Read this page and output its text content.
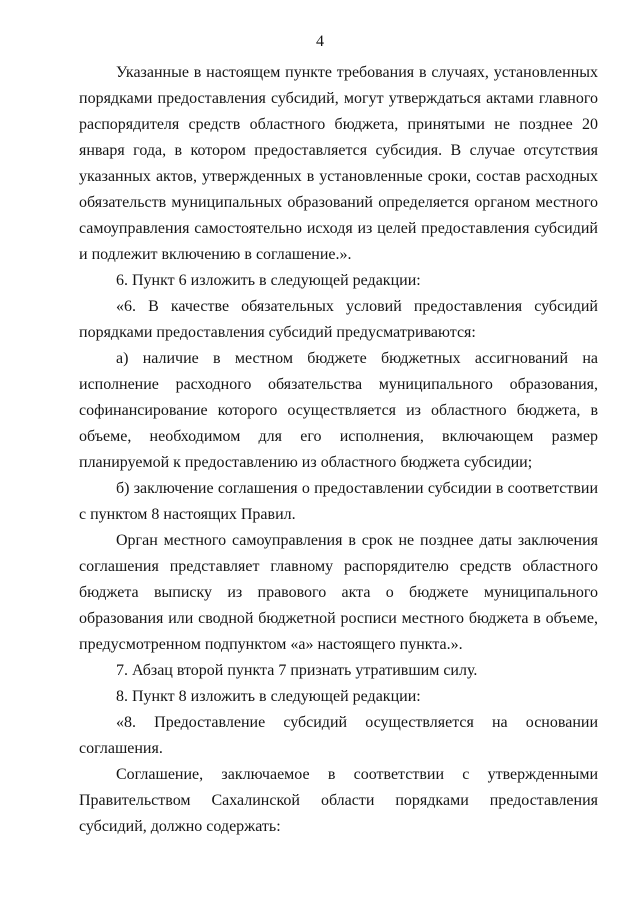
4

Указанные в настоящем пункте требования в случаях, установленных порядками предоставления субсидий, могут утверждаться актами главного распорядителя средств областного бюджета, принятыми не позднее 20 января года, в котором предоставляется субсидия. В случае отсутствия указанных актов, утвержденных в установленные сроки, состав расходных обязательств муниципальных образований определяется органом местного самоуправления самостоятельно исходя из целей предоставления субсидий и подлежит включению в соглашение.».

6. Пункт 6 изложить в следующей редакции:

«6. В качестве обязательных условий предоставления субсидий порядками предоставления субсидий предусматриваются:

а) наличие в местном бюджете бюджетных ассигнований на исполнение расходного обязательства муниципального образования, софинансирование которого осуществляется из областного бюджета, в объеме, необходимом для его исполнения, включающем размер планируемой к предоставлению из областного бюджета субсидии;

б) заключение соглашения о предоставлении субсидии в соответствии с пунктом 8 настоящих Правил.

Орган местного самоуправления в срок не позднее даты заключения соглашения представляет главному распорядителю средств областного бюджета выписку из правового акта о бюджете муниципального образования или сводной бюджетной росписи местного бюджета в объеме, предусмотренном подпунктом «а» настоящего пункта.».

7. Абзац второй пункта 7 признать утратившим силу.

8. Пункт 8 изложить в следующей редакции:

«8. Предоставление субсидий осуществляется на основании соглашения.

Соглашение, заключаемое в соответствии с утвержденными Правительством Сахалинской области порядками предоставления субсидий, должно содержать:
